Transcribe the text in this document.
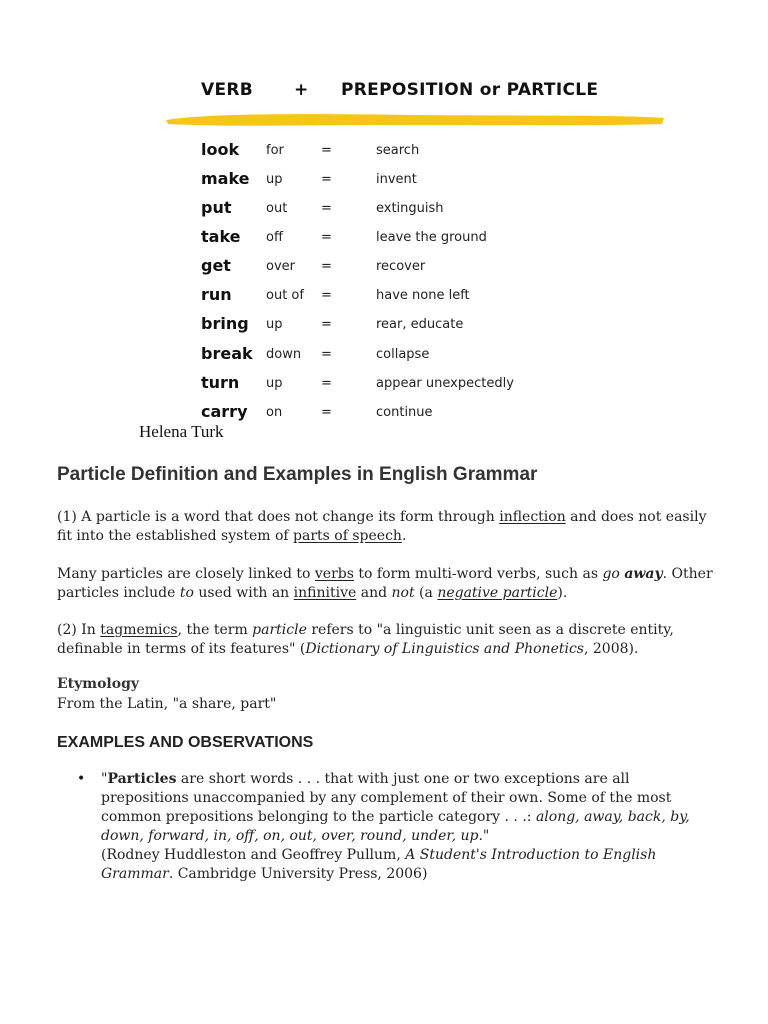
VERB + PREPOSITION or PARTICLE
look for	=	search
make up	=	invent
put	out	=	extinguish
take off	=	leave the ground
get	over =	recover
run	out of =	have none left
bring up	=	rear, educate
break down =	collapse
turn up	=	appear unexpectedly
carry on	=	continue
Helena Turk
Particle Definition and Examples in English Grammar

(1) A particle is a word that does not change its form through inflection and does not easily fit into the established system of parts of speech.

Many particles are closely linked to verbs to form multi-word verbs, such as go away. Other particles include to used with an infinitive and not (a negative particle).

(2) In tagmemics, the term particle refers to "a linguistic unit seen as a discrete entity, definable in terms of its features" (Dictionary of Linguistics and Phonetics, 2008).

Etymology

From the Latin, "a share, part"

EXAMPLES AND OBSERVATIONS
• "Particles are short words . . . that with just one or two exceptions are all prepositions unaccompanied by any complement of their own. Some of the most common prepositions belonging to the particle category . . .: along, away, back, by, down, forward, in, off, on, out, over, round, under, up."
(Rodney Huddleston and Geoffrey Pullum, A Student's Introduction to English Grammar. Cambridge University Press, 2006)
